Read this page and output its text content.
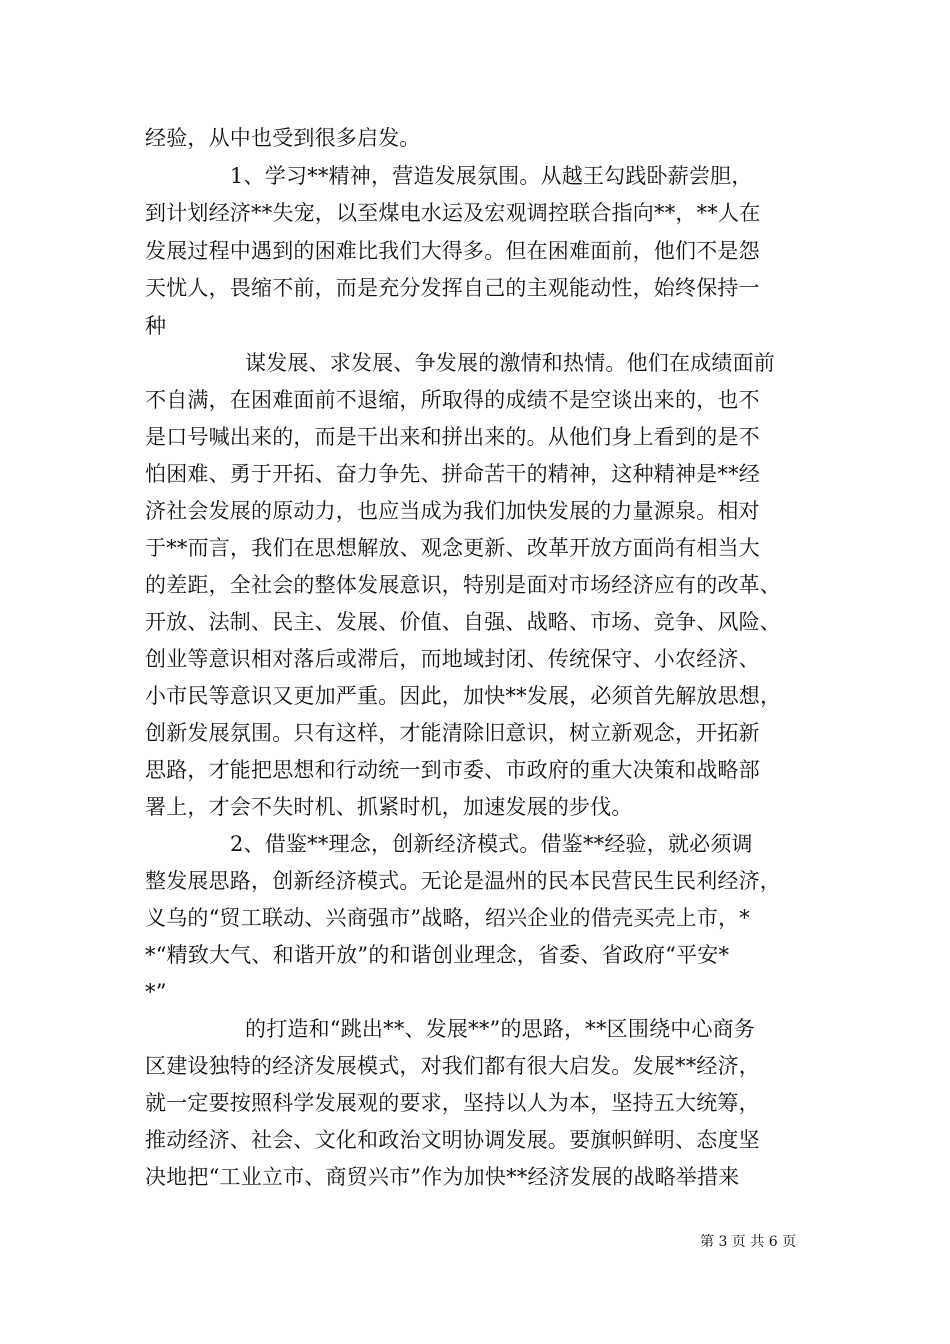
经验，从中也受到很多启发。
1、学习**精神，营造发展氛围。从越王勾践卧薪尝胆，
到计划经济**失宠，以至煤电水运及宏观调控联合指向**，**人在
发展过程中遇到的困难比我们大得多。但在困难面前，他们不是怨
天忧人，畏缩不前，而是充分发挥自己的主观能动性，始终保持一
种
谋发展、求发展、争发展的激情和热情。他们在成绩面前
不自满，在困难面前不退缩，所取得的成绩不是空谈出来的，也不
是口号喊出来的，而是干出来和拼出来的。从他们身上看到的是不
怕困难、勇于开拓、奋力争先、拼命苦干的精神，这种精神是**经
济社会发展的原动力，也应当成为我们加快发展的力量源泉。相对
于**而言，我们在思想解放、观念更新、改革开放方面尚有相当大
的差距，全社会的整体发展意识，特别是面对市场经济应有的改革、
开放、法制、民主、发展、价值、自强、战略、市场、竞争、风险、
创业等意识相对落后或滞后，而地域封闭、传统保守、小农经济、
小市民等意识又更加严重。因此，加快**发展，必须首先解放思想，
创新发展氛围。只有这样，才能清除旧意识，树立新观念，开拓新
思路，才能把思想和行动统一到市委、市政府的重大决策和战略部
署上，才会不失时机、抓紧时机，加速发展的步伐。
2、借鉴**理念，创新经济模式。借鉴**经验，就必须调
整发展思路，创新经济模式。无论是温州的民本民营民生民利经济，
义乌的“贸工联动、兴商强市”战略，绍兴企业的借壳买壳上市，*
*“精致大气、和谐开放”的和谐创业理念，省委、省政府“平安*
*”
的打造和“跳出**、发展**”的思路，**区围绕中心商务
区建设独特的经济发展模式，对我们都有很大启发。发展**经济，
就一定要按照科学发展观的要求，坚持以人为本，坚持五大统筹，
推动经济、社会、文化和政治文明协调发展。要旗帜鲜明、态度坚
决地把“工业立市、商贸兴市”作为加快**经济发展的战略举措来
第 3 页 共 6 页
